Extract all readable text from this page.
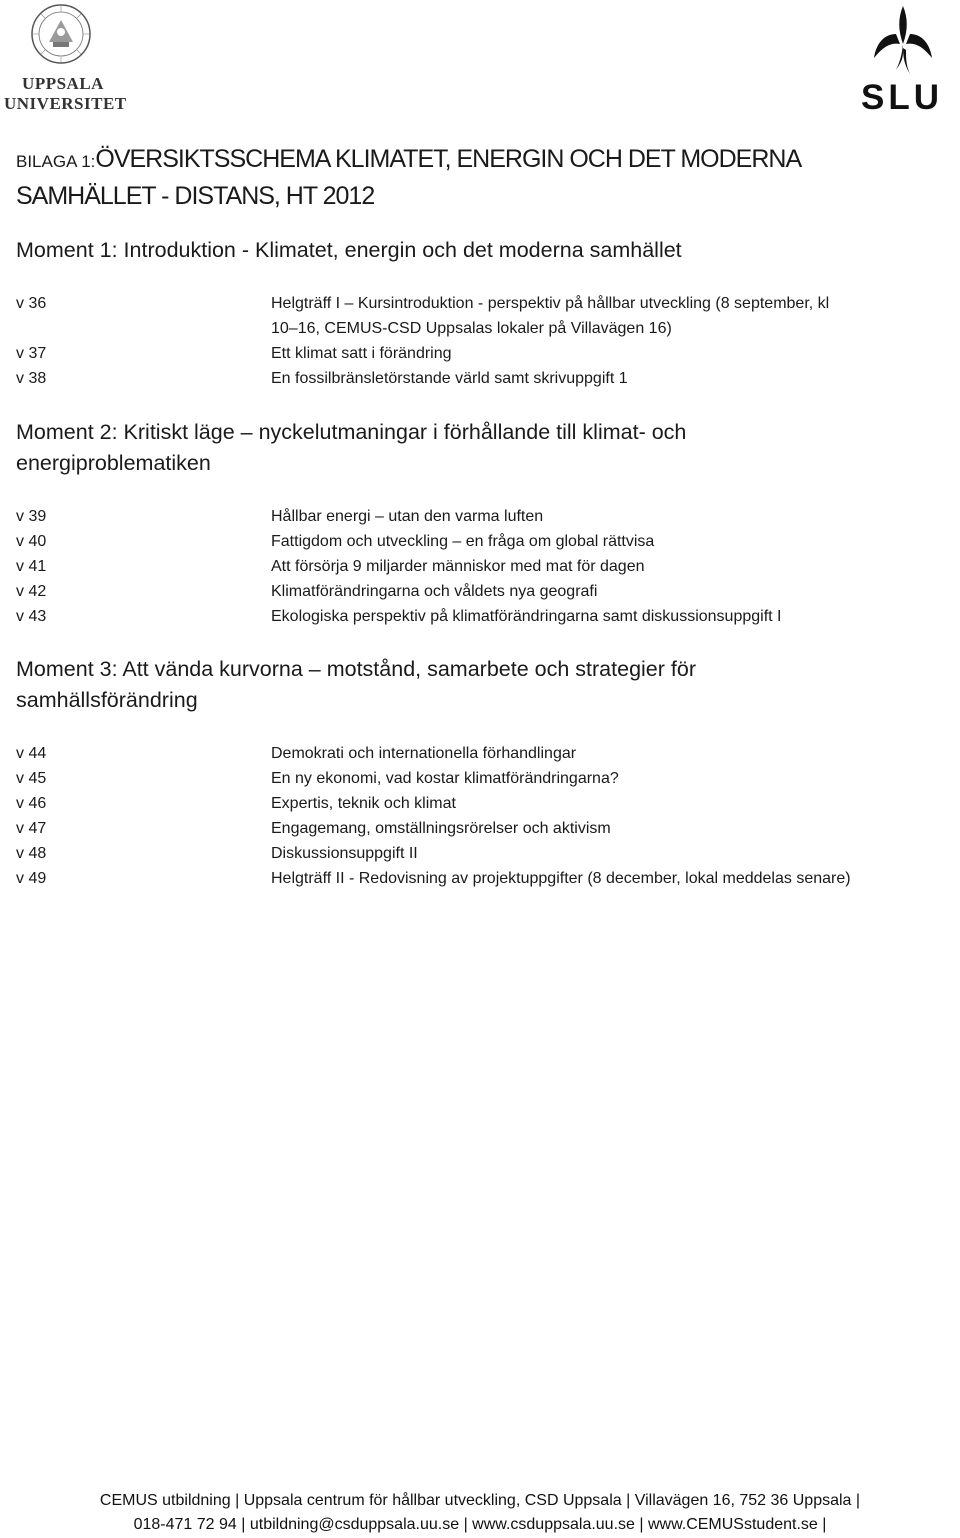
UPPSALA
UNIVERSITET	SLU
BILAGA 1:ÖVERSIKTSSCHEMA KLIMATET, ENERGIN OCH DET MODERNA
SAMHÄLLET - DISTANS, HT 2012
Moment 1: Introduktion - Klimatet, energin och det moderna samhället
v 36	Helgträff I – Kursintroduktion - perspektiv på hållbar utveckling (8 september, kl
10–16, CEMUS-CSD Uppsalas lokaler på Villavägen 16)
v 37	Ett klimat satt i förändring
v 38	En fossilbränsletörstande värld samt skrivuppgift 1
Moment 2: Kritiskt läge – nyckelutmaningar i förhållande till klimat- och
energiproblematiken
v 39	Hållbar energi – utan den varma luften
v 40	Fattigdom och utveckling – en fråga om global rättvisa
v 41	Att försörja 9 miljarder människor med mat för dagen
v 42	Klimatförändringarna och våldets nya geografi
v 43	Ekologiska perspektiv på klimatförändringarna samt diskussionsuppgift I
Moment 3: Att vända kurvorna – motstånd, samarbete och strategier för
samhällsförändring
v 44	Demokrati och internationella förhandlingar
v 45	En ny ekonomi, vad kostar klimatförändringarna?
v 46	Expertis, teknik och klimat
v 47	Engagemang, omställningsrörelser och aktivism
v 48	Diskussionsuppgift II
v 49	Helgträff II - Redovisning av projektuppgifter (8 december, lokal meddelas senare)
CEMUS utbildning | Uppsala centrum för hållbar utveckling, CSD Uppsala | Villavägen 16, 752 36 Uppsala |
018-471 72 94 | utbildning@csduppsala.uu.se | www.csduppsala.uu.se | www.CEMUSstudent.se |
